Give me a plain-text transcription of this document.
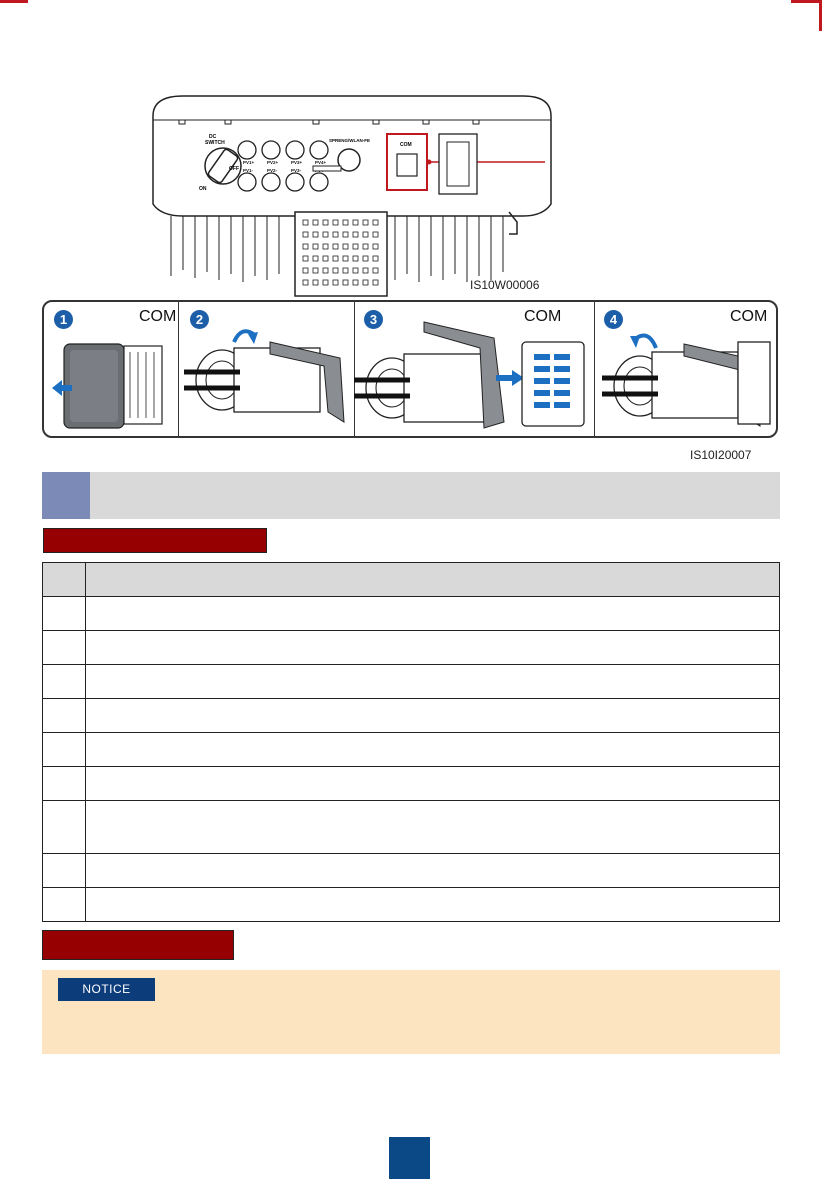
DC
SWITCH
ON
OFF
PV1+	PV2+	PV3+	PV4+
PV1-	PV2-	PV3-
SPRENG/WLAN-FE
COM
IS10W00006
1	COM	2	3	COM	4	COM
IS10I20007

NOTICE
